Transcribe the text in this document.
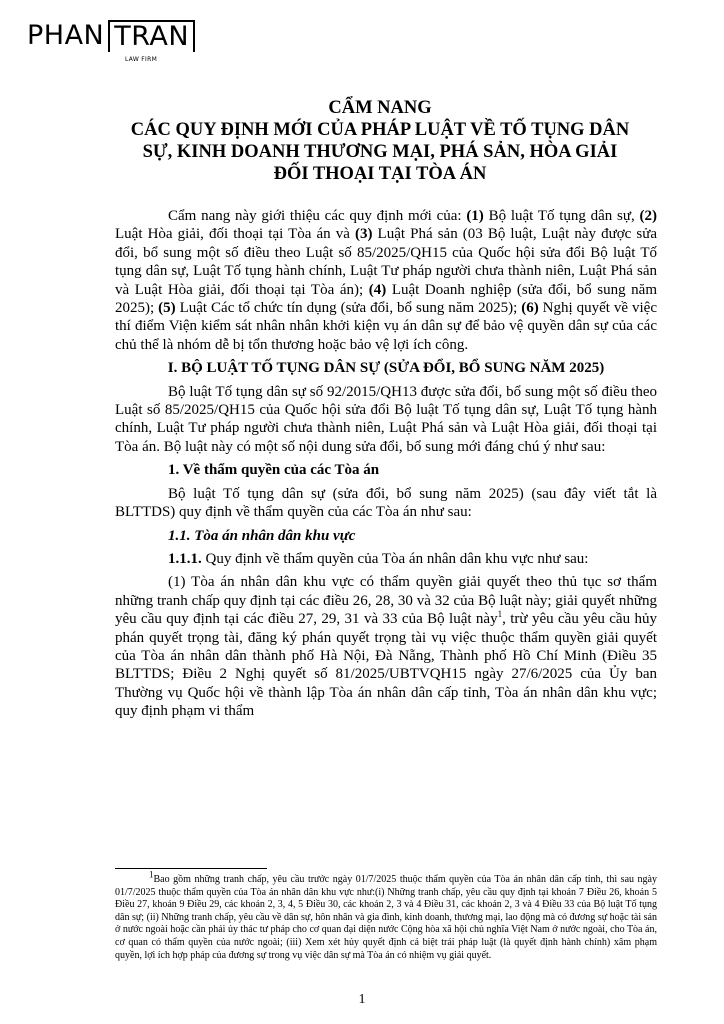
PHAN TRAN
LAW FIRM
CẨM NANG
CÁC QUY ĐỊNH MỚI CỦA PHÁP LUẬT VỀ TỐ TỤNG DÂN
SỰ, KINH DOANH THƯƠNG MẠI, PHÁ SẢN, HÒA GIẢI
ĐỐI THOẠI TẠI TÒA ÁN

Cẩm nang này giới thiệu các quy định mới của: (1) Bộ luật Tố tụng dân sự, (2) Luật Hòa giải, đối thoại tại Tòa án và (3) Luật Phá sản (03 Bộ luật, Luật này được sửa đổi, bổ sung một số điều theo Luật số 85/2025/QH15 của Quốc hội sửa đổi Bộ luật Tố tụng dân sự, Luật Tố tụng hành chính, Luật Tư pháp người chưa thành niên, Luật Phá sản và Luật Hòa giải, đối thoại tại Tòa án); (4) Luật Doanh nghiệp (sửa đổi, bổ sung năm 2025); (5) Luật Các tổ chức tín dụng (sửa đổi, bổ sung năm 2025); (6) Nghị quyết về việc thí điểm Viện kiểm sát nhân nhân khởi kiện vụ án dân sự để bảo vệ quyền dân sự của các chủ thể là nhóm dễ bị tổn thương hoặc bảo vệ lợi ích công.

I. BỘ LUẬT TỐ TỤNG DÂN SỰ (SỬA ĐỔI, BỔ SUNG NĂM 2025)

Bộ luật Tố tụng dân sự số 92/2015/QH13 được sửa đổi, bổ sung một số điều theo Luật số 85/2025/QH15 của Quốc hội sửa đổi Bộ luật Tố tụng dân sự, Luật Tố tụng hành chính, Luật Tư pháp người chưa thành niên, Luật Phá sản và Luật Hòa giải, đối thoại tại Tòa án. Bộ luật này có một số nội dung sửa đổi, bổ sung mới đáng chú ý như sau:

1. Về thẩm quyền của các Tòa án

Bộ luật Tố tụng dân sự (sửa đổi, bổ sung năm 2025) (sau đây viết tắt là BLTTDS) quy định về thẩm quyền của các Tòa án như sau:

1.1. Tòa án nhân dân khu vực

1.1.1. Quy định về thẩm quyền của Tòa án nhân dân khu vực như sau:

(1) Tòa án nhân dân khu vực có thẩm quyền giải quyết theo thủ tục sơ thẩm những tranh chấp quy định tại các điều 26, 28, 30 và 32 của Bộ luật này; giải quyết những yêu cầu quy định tại các điều 27, 29, 31 và 33 của Bộ luật này$^1$, trừ yêu cầu yêu cầu hủy phán quyết trọng tài, đăng ký phán quyết trọng tài vụ việc thuộc thẩm quyền giải quyết của Tòa án nhân dân thành phố Hà Nội, Đà Nẵng, Thành phố Hồ Chí Minh (Điều 35 BLTTDS; Điều 2 Nghị quyết số 81/2025/UBTVQH15 ngày 27/6/2025 của Ủy ban Thường vụ Quốc hội về thành lập Tòa án nhân dân cấp tỉnh, Tòa án nhân dân khu vực; quy định phạm vi thẩm

$^1$Bao gồm những tranh chấp, yêu cầu trước ngày 01/7/2025 thuộc thẩm quyền của Tòa án nhân dân cấp tỉnh, thì sau ngày 01/7/2025 thuộc thẩm quyền của Tòa án nhân dân khu vực như:(i) Những tranh chấp, yêu cầu quy định tại khoản 7 Điều 26, khoản 5 Điều 27, khoản 9 Điều 29, các khoản 2, 3, 4, 5 Điều 30, các khoản 2, 3 và 4 Điều 31, các khoản 2, 3 và 4 Điều 33 của Bộ luật Tố tụng dân sự; (ii) Những tranh chấp, yêu cầu về dân sự, hôn nhân và gia đình, kinh doanh, thương mại, lao động mà có đương sự hoặc tài sản ở nước ngoài hoặc cần phải ủy thác tư pháp cho cơ quan đại diện nước Cộng hòa xã hội chủ nghĩa Việt Nam ở nước ngoài, cho Tòa án, cơ quan có thẩm quyền của nước ngoài; (iii) Xem xét hủy quyết định cá biệt trái pháp luật (là quyết định hành chính) xâm phạm quyền, lợi ích hợp pháp của đương sự trong vụ việc dân sự mà Tòa án có nhiệm vụ giải quyết.
1
